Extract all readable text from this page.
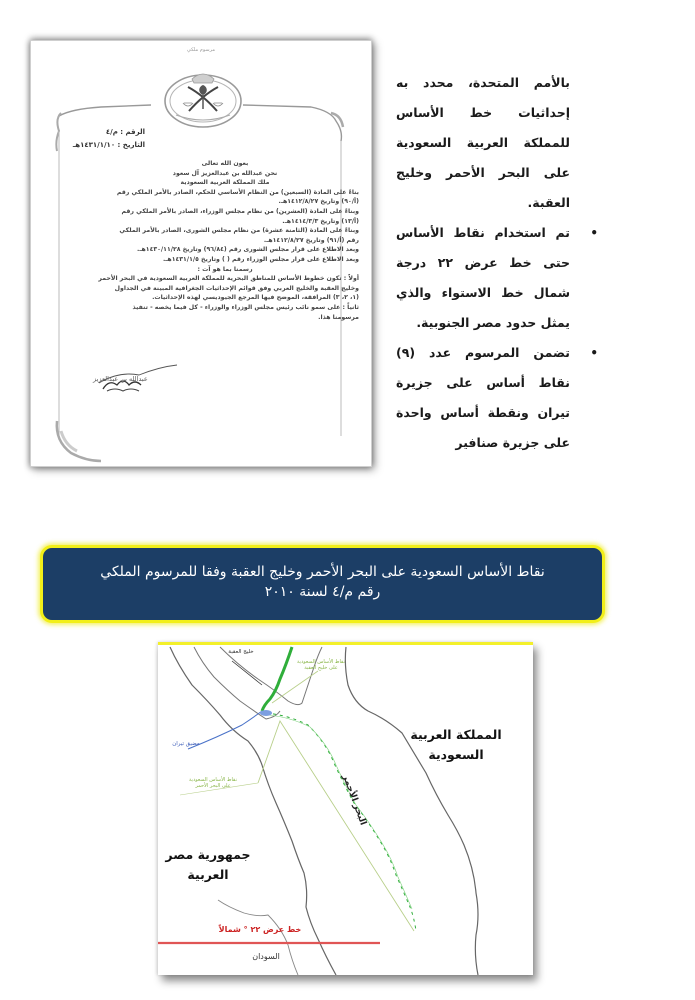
مرسوم ملكي
الرقم : م/٤
التاريخ : ١٤٣١/١/١٠هـ
بعون الله تعالى
نحن عبدالله بن عبدالعزيز آل سعود
ملك المملكة العربية السعودية
بناءً على المادة (السبعين) من النظام الأساسي للحكم، الصادر بالأمر الملكي رقم
(أ/٩٠) وتاريخ ١٤١٢/٨/٢٧هـ.
وبناءً على المادة (العشرين) من نظام مجلس الوزراء، الصادر بالأمر الملكي رقم
(أ/١٣) وتاريخ ١٤١٤/٣/٣هـ.
وبناءً على المادة (الثامنة عشرة) من نظام مجلس الشورى، الصادر بالأمر الملكي
رقم (أ/٩١) وتاريخ ١٤١٢/٨/٢٧هـ.
وبعد الاطلاع على قرار مجلس الشورى رقم (٩٦/٨٤) وتاريخ ١٤٣٠/١١/٢٨هـ.
وبعد الاطلاع على قرار مجلس الوزراء رقم ( ) وتاريخ ١٤٣١/١/٥هـ.
رسمنا بما هو آت :
أولاً : تكون خطوط الأساس للمناطق البحرية للمملكة العربية السعودية في البحر الأحمر
وخليج العقبة والخليج العربي وفق قوائم الإحداثيات الجغرافية المبينة في الجداول
(١، ٢، ٣) المرافقة، الموضح فيها المرجع الجيوديسي لهذه الإحداثيات.
ثانياً : على سمو نائب رئيس مجلس الوزراء والوزراء - كل فيما يخصه - تنفيذ
مرسومنا هذا.
عبدالله بن عبدالعزيز

بالأمم المتحدة، محدد به إحداثيات خط الأساس للمملكة العربية السعودية على البحر الأحمر وخليج العقبة.

•
تم استخدام نقاط الأساس حتى خط عرض ٢٢ درجة شمال خط الاستواء والذي يمثل حدود مصر الجنوبية.
•
تضمن المرسوم عدد (٩) نقاط أساس على جزيرة تيران ونقطة أساس واحدة على جزيرة صنافير
نقاط الأساس السعودية على البحر الأحمر وخليج العقبة وفقا للمرسوم الملكي
رقم م/٤ لسنة ٢٠١٠
المملكة العربية
السعودية
جمهورية مصر
العربية
البحر الأحمر
السودان
خط عرض ٢٢ ° شمالاً
خليج العقبة
مضيق تيران
نقاط الأساس السعودية
على خليج العقبة
نقاط الأساس السعودية
على البحر الأحمر
